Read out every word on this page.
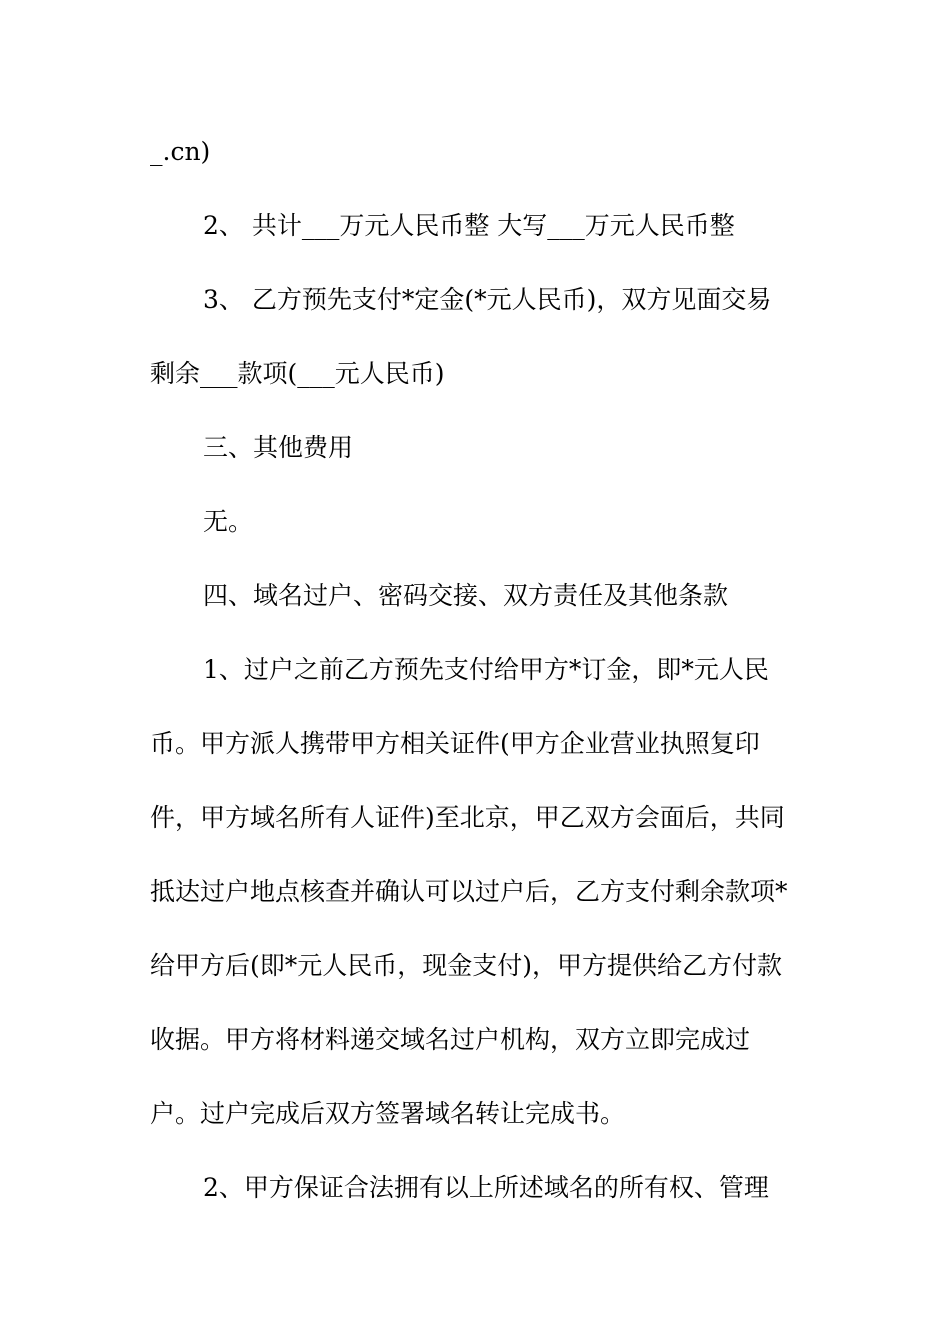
_.cn)
2、 共计___万元人民币整 大写___万元人民币整
3、 乙方预先支付*定金(*元人民币)，双方见面交易
剩余___款项(___元人民币)
三、其他费用
无。
四、域名过户、密码交接、双方责任及其他条款
1、过户之前乙方预先支付给甲方*订金，即*元人民
币。甲方派人携带甲方相关证件(甲方企业营业执照复印
件，甲方域名所有人证件)至北京，甲乙双方会面后，共同
抵达过户地点核查并确认可以过户后，乙方支付剩余款项*
给甲方后(即*元人民币，现金支付)，甲方提供给乙方付款
收据。甲方将材料递交域名过户机构，双方立即完成过
户。过户完成后双方签署域名转让完成书。
2、甲方保证合法拥有以上所述域名的所有权、管理
